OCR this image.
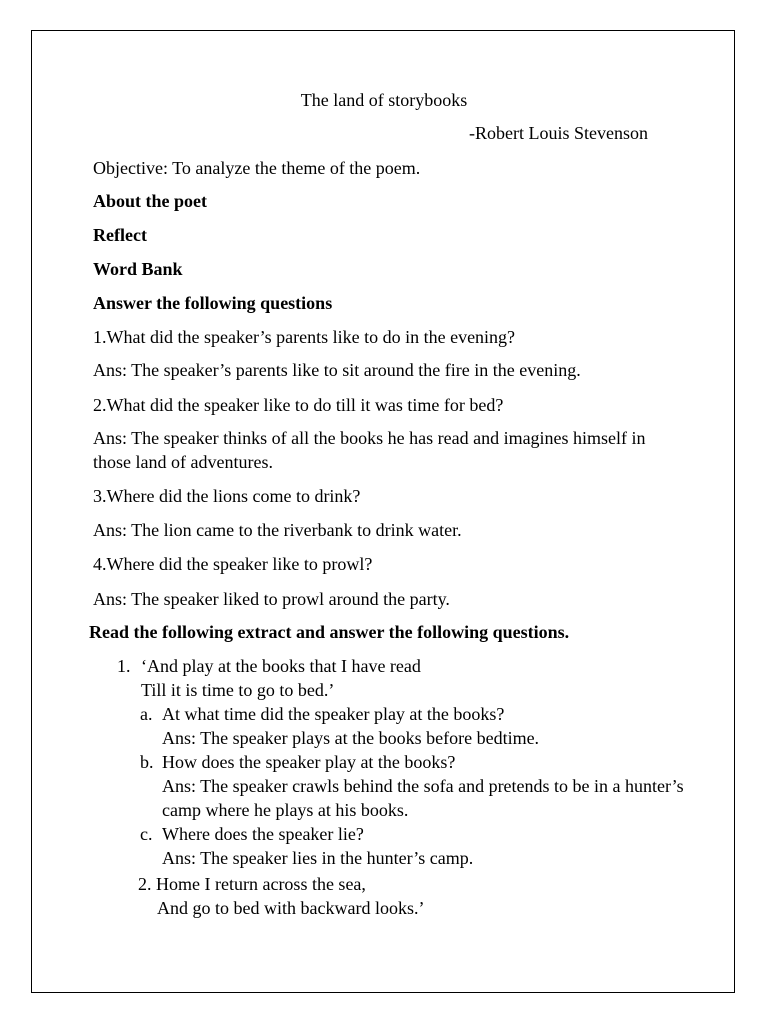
The land of storybooks
-Robert Louis Stevenson
Objective: To analyze the theme of the poem.
About the poet
Reflect
Word Bank
Answer the following questions
1.What did the speaker’s parents like to do in the evening?
Ans: The speaker’s parents like to sit around the fire in the evening.
2.What did the speaker like to do till it was time for bed?
Ans: The speaker thinks of all the books he has read and imagines himself in those land of adventures.
3.Where did the lions come to drink?
Ans: The lion came to the riverbank to drink water.
4.Where did the speaker like to prowl?
Ans: The speaker liked to prowl around the party.
Read the following extract and answer the following questions.
1. ‘And play at the books that I have read
Till it is time to go to bed.’
a. At what time did the speaker play at the books?
Ans: The speaker plays at the books before bedtime.
b. How does the speaker play at the books?
Ans: The speaker crawls behind the sofa and pretends to be in a hunter’s camp where he plays at his books.
c. Where does the speaker lie?
Ans: The speaker lies in the hunter’s camp.
2. Home I return across the sea,
And go to bed with backward looks.’
